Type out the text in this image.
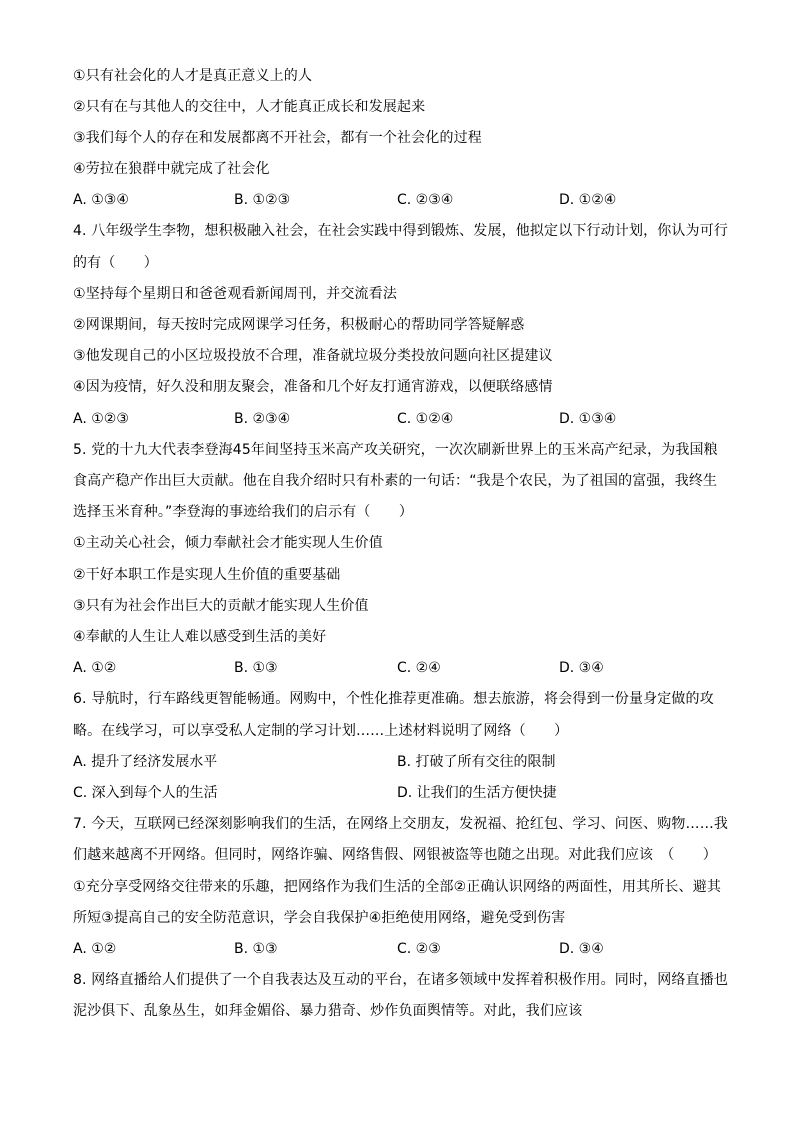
①只有社会化的人才是真正意义上的人
②只有在与其他人的交往中，人才能真正成长和发展起来
③我们每个人的存在和发展都离不开社会，都有一个社会化的过程
④劳拉在狼群中就完成了社会化
A. ①③④	B. ①②③	C. ②③④	D. ①②④
4. 八年级学生李物，想积极融入社会，在社会实践中得到锻炼、发展，他拟定以下行动计划，你认为可行
的有（　　）
①坚持每个星期日和爸爸观看新闻周刊，并交流看法
②网课期间，每天按时完成网课学习任务，积极耐心的帮助同学答疑解惑
③他发现自己的小区垃圾投放不合理，准备就垃圾分类投放问题向社区提建议
④因为疫情，好久没和朋友聚会，准备和几个好友打通宵游戏，以便联络感情
A. ①②③	B. ②③④	C. ①②④	D. ①③④
5. 党的十九大代表李登海45年间坚持玉米高产攻关研究，一次次刷新世界上的玉米高产纪录，为我国粮
食高产稳产作出巨大贡献。他在自我介绍时只有朴素的一句话：“我是个农民，为了祖国的富强，我终生
选择玉米育种。”李登海的事迹给我们的启示有（　　）
①主动关心社会，倾力奉献社会才能实现人生价值
②干好本职工作是实现人生价值的重要基础
③只有为社会作出巨大的贡献才能实现人生价值
④奉献的人生让人难以感受到生活的美好
A. ①②	B. ①③	C. ②④	D. ③④
6. 导航时，行车路线更智能畅通。网购中，个性化推荐更准确。想去旅游，将会得到一份量身定做的攻
略。在线学习，可以享受私人定制的学习计划……上述材料说明了网络（　　）
A. 提升了经济发展水平	B. 打破了所有交往的限制
C. 深入到每个人的生活	D. 让我们的生活方便快捷
7. 今天，互联网已经深刻影响我们的生活，在网络上交朋友，发祝福、抢红包、学习、问医、购物……我
们越来越离不开网络。但同时，网络诈骗、网络售假、网银被盗等也随之出现。对此我们应该　（　　）
①充分享受网络交往带来的乐趣，把网络作为我们生活的全部②正确认识网络的两面性，用其所长、避其
所短③提高自己的安全防范意识，学会自我保护④拒绝使用网络，避免受到伤害
A. ①②	B. ①③	C. ②③	D. ③④
8. 网络直播给人们提供了一个自我表达及互动的平台，在诸多领域中发挥着积极作用。同时，网络直播也
泥沙俱下、乱象丛生，如拜金媚俗、暴力猎奇、炒作负面舆情等。对此，我们应该
